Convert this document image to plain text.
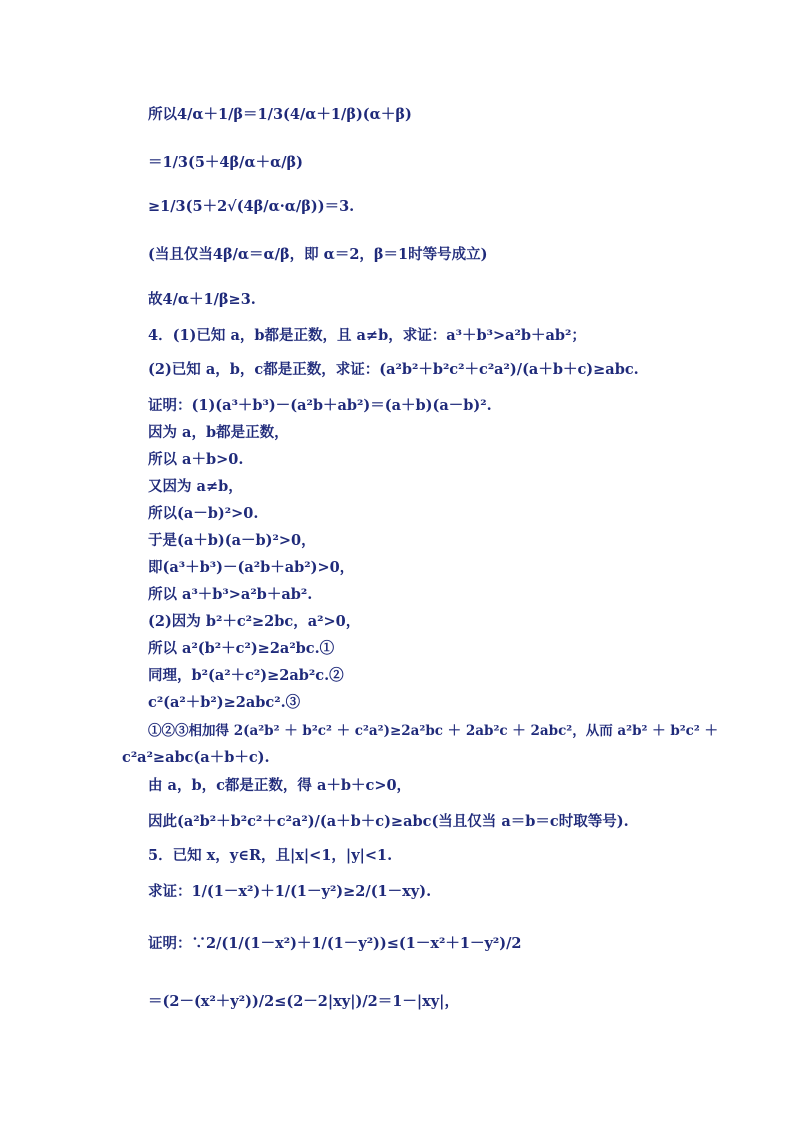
所以4/α＋1/β＝1/3(4/α＋1/β)(α＋β)
＝1/3(5＋4β/α＋α/β)
≥1/3(5＋2√(4β/α·α/β))＝3.
(当且仅当4β/α＝α/β，即 α＝2，β＝1时等号成立)
故4/α＋1/β≥3.
4．(1)已知 a，b都是正数，且 a≠b，求证：a³＋b³>a²b＋ab²；
(2)已知 a，b，c都是正数，求证：(a²b²＋b²c²＋c²a²)/(a＋b＋c)≥abc.
证明：(1)(a³＋b³)－(a²b＋ab²)＝(a＋b)(a－b)².
因为 a，b都是正数，
所以 a＋b>0.
又因为 a≠b，
所以(a－b)²>0.
于是(a＋b)(a－b)²>0，
即(a³＋b³)－(a²b＋ab²)>0，
所以 a³＋b³>a²b＋ab².
(2)因为 b²＋c²≥2bc，a²>0，
所以 a²(b²＋c²)≥2a²bc.①
同理，b²(a²＋c²)≥2ab²c.②
c²(a²＋b²)≥2abc².③
①②③相加得 2(a²b² ＋ b²c² ＋ c²a²)≥2a²bc ＋ 2ab²c ＋ 2abc²，从而 a²b² ＋ b²c² ＋
c²a²≥abc(a＋b＋c).
由 a，b，c都是正数，得 a＋b＋c>0，
因此(a²b²＋b²c²＋c²a²)/(a＋b＋c)≥abc(当且仅当 a＝b＝c时取等号).
5．已知 x，y∈R，且|x|<1，|y|<1.
求证：1/(1－x²)＋1/(1－y²)≥2/(1－xy).
证明：∵2/(1/(1－x²)＋1/(1－y²))≤(1－x²＋1－y²)/2
＝(2－(x²＋y²))/2≤(2－2|xy|)/2＝1－|xy|，
